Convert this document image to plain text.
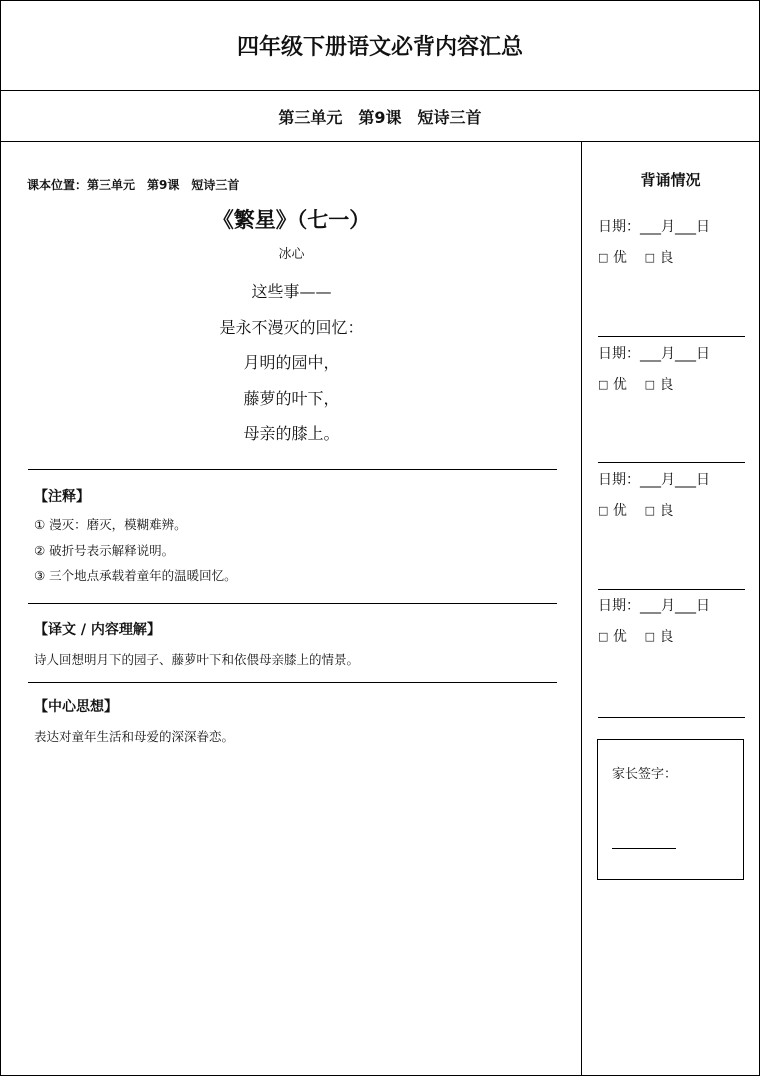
四年级下册语文必背内容汇总
第三单元　第9课　短诗三首
课本位置：第三单元　第9课　短诗三首
《繁星》（七一）
冰心
这些事——
是永不漫灭的回忆：
月明的园中，
藤萝的叶下，
母亲的膝上。
【注释】
① 漫灭：磨灭，模糊难辨。
② 破折号表示解释说明。
③ 三个地点承载着童年的温暖回忆。
【译文 / 内容理解】
诗人回想明月下的园子、藤萝叶下和依偎母亲膝上的情景。
【中心思想】
表达对童年生活和母爱的深深眷恋。
背诵情况
日期：___月___日
□ 优 □ 良
日期：___月___日
□ 优 □ 良
日期：___月___日
□ 优 □ 良
日期：___月___日
□ 优 □ 良
家长签字：
